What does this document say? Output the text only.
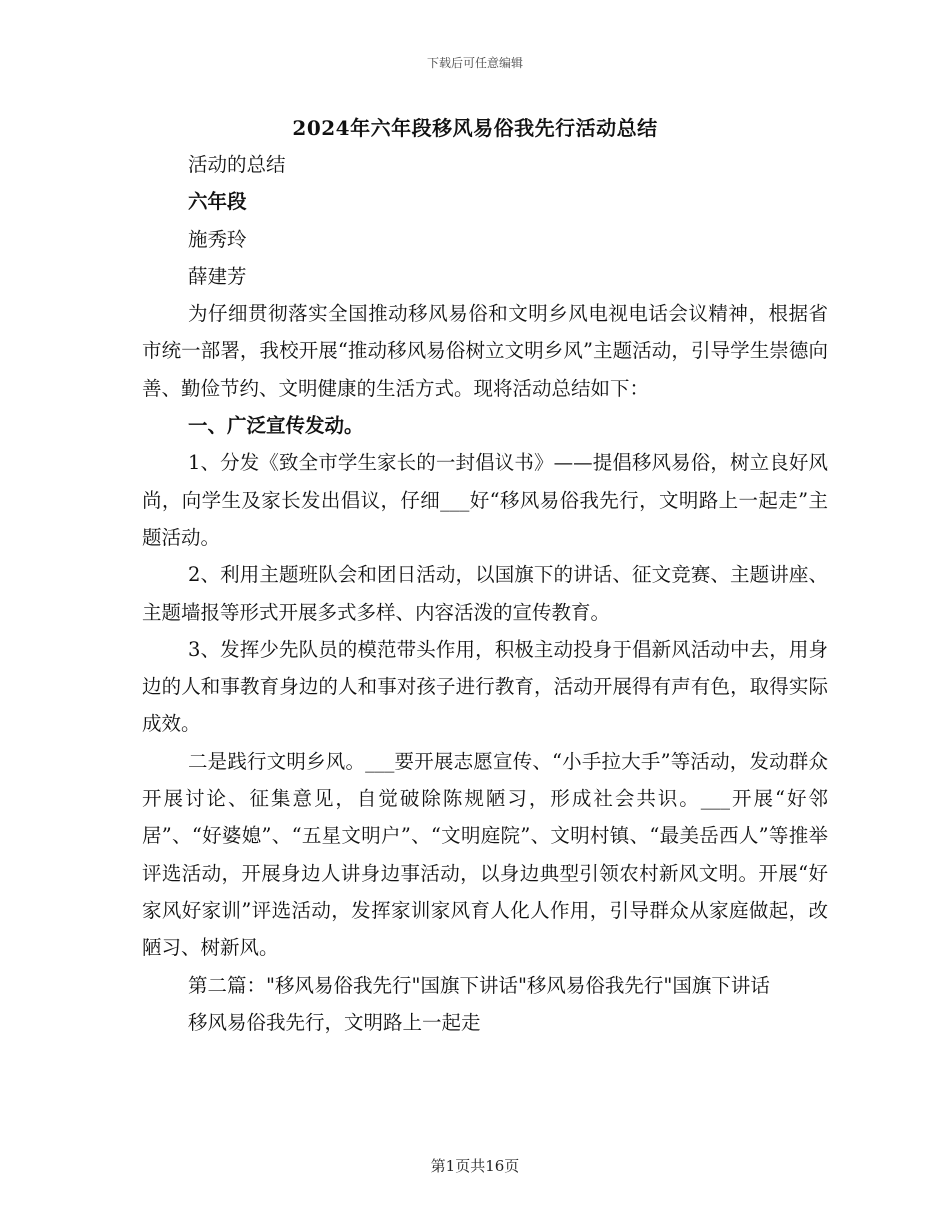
下载后可任意编辑
2024年六年段移风易俗我先行活动总结

活动的总结

六年段

施秀玲

薛建芳

为仔细贯彻落实全国推动移风易俗和文明乡风电视电话会议精神，根据省市统一部署，我校开展“推动移风易俗树立文明乡风”主题活动，引导学生崇德向善、勤俭节约、文明健康的生活方式。现将活动总结如下：

一、广泛宣传发动。

1、分发《致全市学生家长的一封倡议书》——提倡移风易俗，树立良好风尚，向学生及家长发出倡议，仔细___好“移风易俗我先行，文明路上一起走”主题活动。

2、利用主题班队会和团日活动，以国旗下的讲话、征文竞赛、主题讲座、主题墙报等形式开展多式多样、内容活泼的宣传教育。

3、发挥少先队员的模范带头作用，积极主动投身于倡新风活动中去，用身边的人和事教育身边的人和事对孩子进行教育，活动开展得有声有色，取得实际成效。

二是践行文明乡风。___要开展志愿宣传、“小手拉大手”等活动，发动群众开展讨论、征集意见，自觉破除陈规陋习，形成社会共识。___开展“好邻居”、“好婆媳”、“五星文明户”、“文明庭院”、文明村镇、“最美岳西人”等推举评选活动，开展身边人讲身边事活动，以身边典型引领农村新风文明。开展“好家风好家训”评选活动，发挥家训家风育人化人作用，引导群众从家庭做起，改陋习、树新风。

第二篇："移风易俗我先行"国旗下讲话"移风易俗我先行"国旗下讲话

移风易俗我先行，文明路上一起走

第1页共16页
